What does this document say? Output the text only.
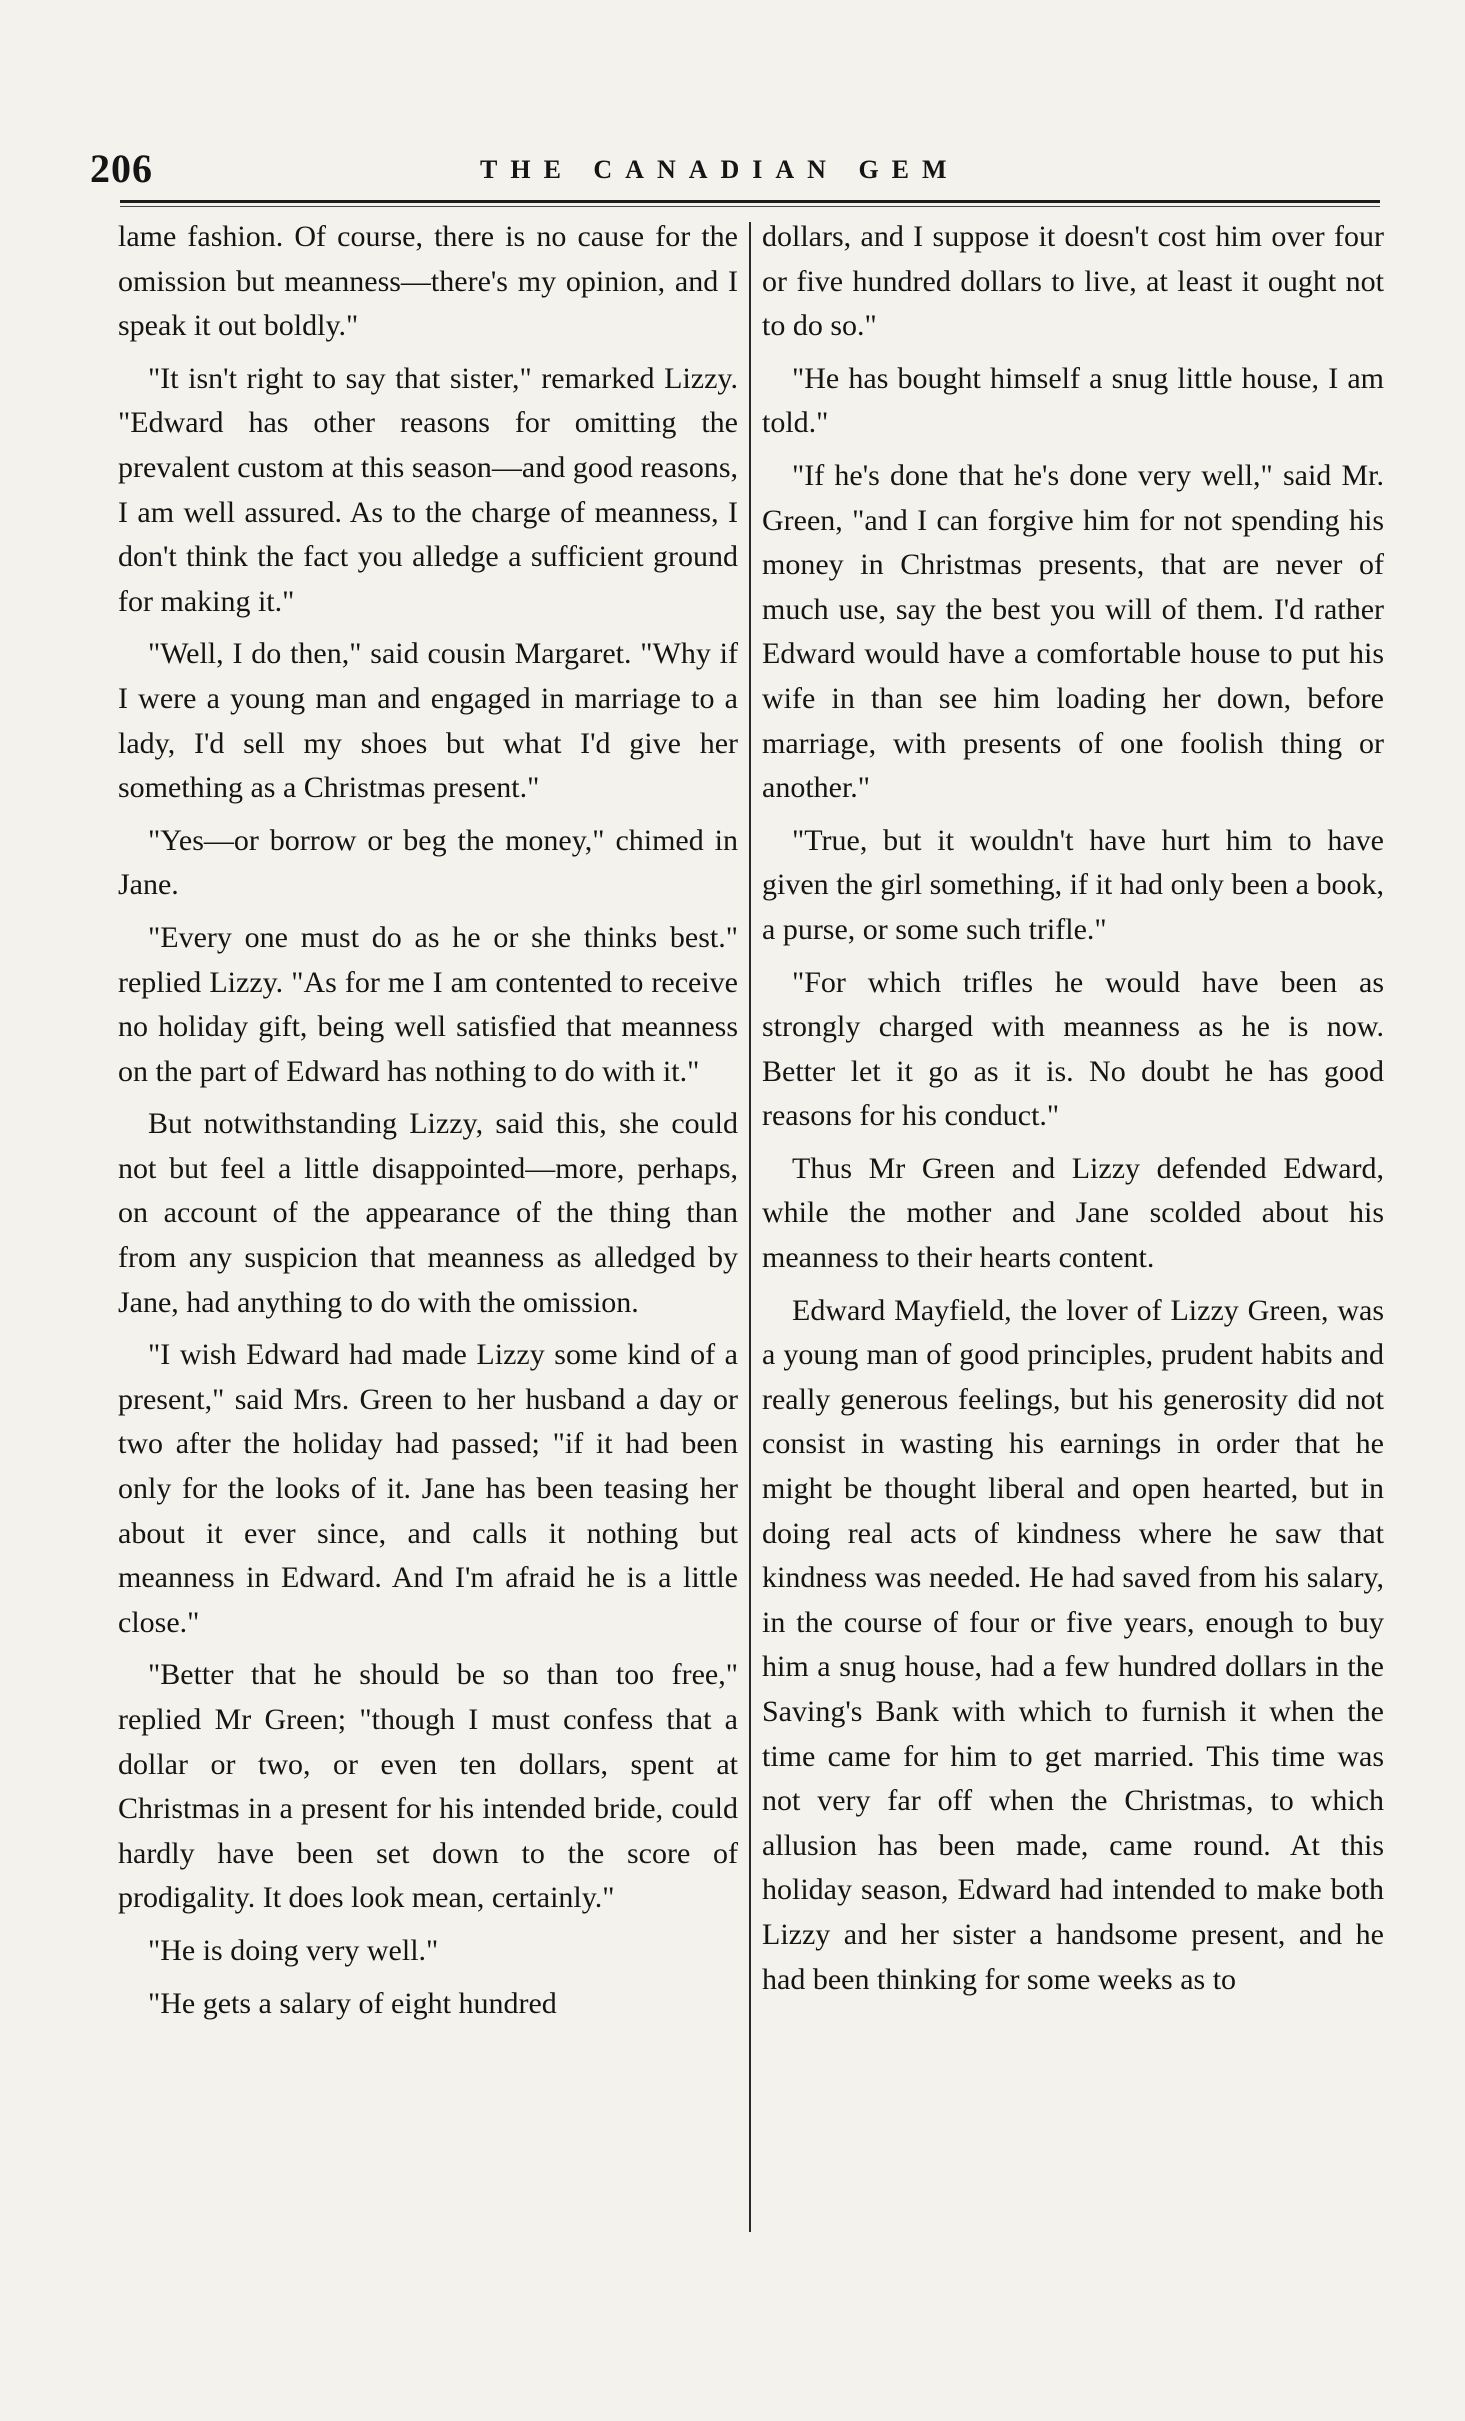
206	THE CANADIAN GEM

lame fashion. Of course, there is no cause for the omission but meanness—there's my opinion, and I speak it out boldly."

"It isn't right to say that sister," remarked Lizzy. "Edward has other reasons for omitting the prevalent custom at this season—and good reasons, I am well assured. As to the charge of meanness, I don't think the fact you alledge a sufficient ground for making it."

"Well, I do then," said cousin Margaret. "Why if I were a young man and engaged in marriage to a lady, I'd sell my shoes but what I'd give her something as a Christmas present."

"Yes—or borrow or beg the money," chimed in Jane.

"Every one must do as he or she thinks best." replied Lizzy. "As for me I am contented to receive no holiday gift, being well satisfied that meanness on the part of Edward has nothing to do with it."

But notwithstanding Lizzy, said this, she could not but feel a little disappointed—more, perhaps, on account of the appearance of the thing than from any suspicion that meanness as alledged by Jane, had anything to do with the omission.

"I wish Edward had made Lizzy some kind of a present," said Mrs. Green to her husband a day or two after the holiday had passed; "if it had been only for the looks of it. Jane has been teasing her about it ever since, and calls it nothing but meanness in Edward. And I'm afraid he is a little close."

"Better that he should be so than too free," replied Mr Green; "though I must confess that a dollar or two, or even ten dollars, spent at Christmas in a present for his intended bride, could hardly have been set down to the score of prodigality. It does look mean, certainly."

"He is doing very well."

"He gets a salary of eight hundred

dollars, and I suppose it doesn't cost him over four or five hundred dollars to live, at least it ought not to do so."

"He has bought himself a snug little house, I am told."

"If he's done that he's done very well," said Mr. Green, "and I can forgive him for not spending his money in Christmas presents, that are never of much use, say the best you will of them. I'd rather Edward would have a comfortable house to put his wife in than see him loading her down, before marriage, with presents of one foolish thing or another."

"True, but it wouldn't have hurt him to have given the girl something, if it had only been a book, a purse, or some such trifle."

"For which trifles he would have been as strongly charged with meanness as he is now. Better let it go as it is. No doubt he has good reasons for his conduct."

Thus Mr Green and Lizzy defended Edward, while the mother and Jane scolded about his meanness to their hearts content.

Edward Mayfield, the lover of Lizzy Green, was a young man of good principles, prudent habits and really generous feelings, but his generosity did not consist in wasting his earnings in order that he might be thought liberal and open hearted, but in doing real acts of kindness where he saw that kindness was needed. He had saved from his salary, in the course of four or five years, enough to buy him a snug house, had a few hundred dollars in the Saving's Bank with which to furnish it when the time came for him to get married. This time was not very far off when the Christmas, to which allusion has been made, came round. At this holiday season, Edward had intended to make both Lizzy and her sister a handsome present, and he had been thinking for some weeks as to
